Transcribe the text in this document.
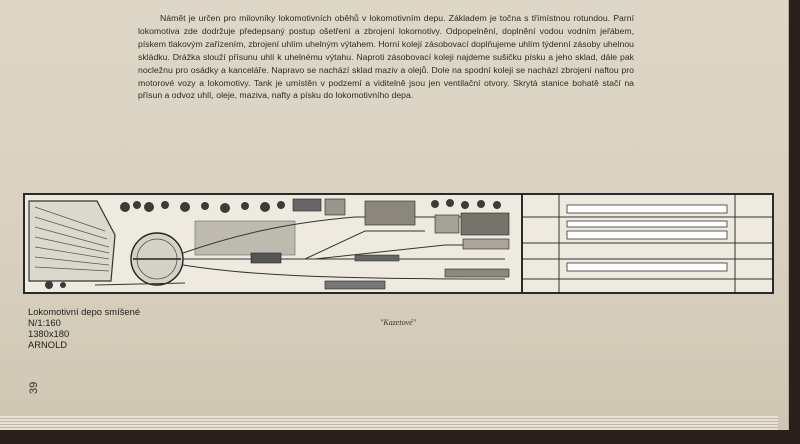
Námět je určen pro milovníky lokomotivních oběhů v lokomotivním depu. Základem je točna s třímístnou rotundou. Parní lokomotiva zde dodržuje předepsaný postup ošetření a zbrojení lokomotivy. Odpopelnění, doplnění vodou vodním jeřábem, pískem tlakovým zařízením, zbrojení uhlím uhelným výtahem. Horní kolejí zásobovací doplňujeme uhlím týdenní zásoby uhelnou skládku. Drážka slouží přísunu uhlí k uhelnému výtahu. Naproti zásobovací koleji najdeme sušičku písku a jeho sklad, dále pak nocležnu pro osádky a kanceláře. Napravo se nachází sklad maziv a olejů. Dole na spodní koleji se nachází zbrojení naftou pro motorové vozy a lokomotivy. Tank je umístěn v podzemí a viditelně jsou jen ventilační otvory. Skrytá stanice bohatě stačí na přísun a odvoz uhlí, oleje, maziva, nafty a písku do lokomotivního depa.
Lokomotivní depo smíšené
N/1:160
1380x180
ARNOLD
"Kazetové"
39
